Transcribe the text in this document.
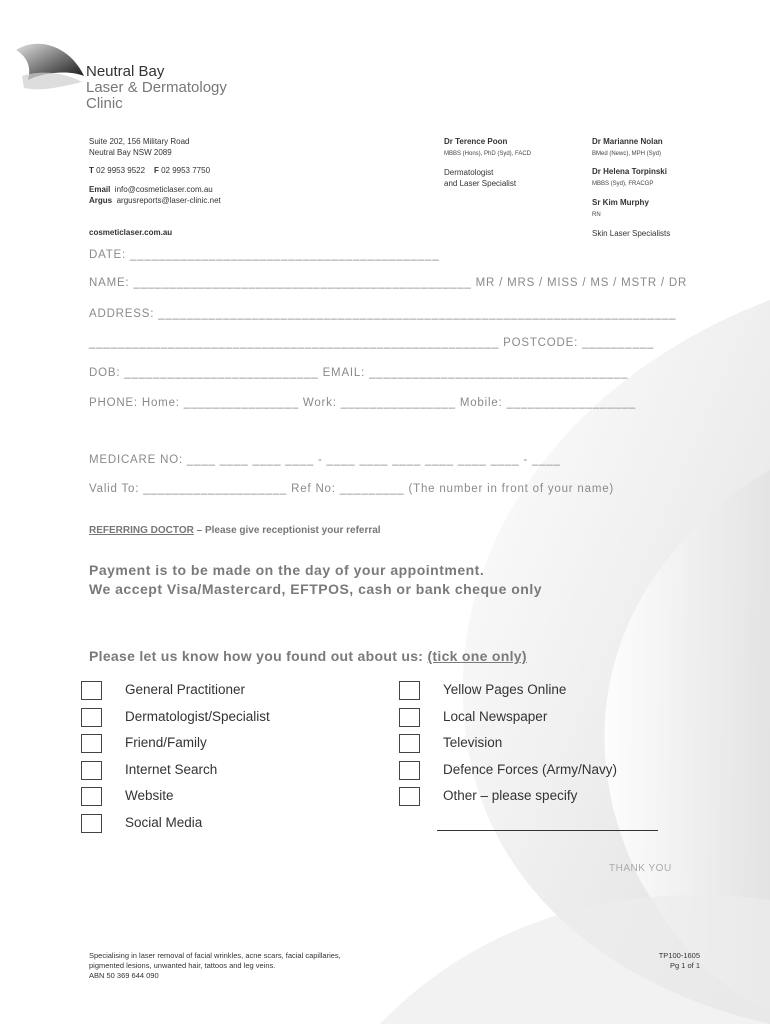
Neutral Bay
Laser & Dermatology
Clinic
Suite 202, 156 Military Road
Neutral Bay NSW 2089
T 02 9953 9522 F 02 9953 7750
Email info@cosmeticlaser.com.au
Argus argusreports@laser-clinic.net
cosmeticlaser.com.au
Dr Terence Poon
MBBS (Hons), PhD (Syd), FACD
Dermatologist
and Laser Specialist
Dr Marianne Nolan
BMed (Newc), MPH (Syd)
Dr Helena Torpinski
MBBS (Syd), FRACGP
Sr Kim Murphy
RN
Skin Laser Specialists
DATE: ___________________________________________
NAME: _______________________________________________ MR / MRS / MISS / MS / MSTR / DR
ADDRESS: ________________________________________________________________________
_________________________________________________________ POSTCODE: __________
DOB: ___________________________ EMAIL: ____________________________________
PHONE: Home: ________________ Work: ________________ Mobile: __________________
MEDICARE NO: ____ ____ ____ ____ - ____ ____ ____ ____ ____ ____ - ____
Valid To: ____________________ Ref No: _________ (The number in front of your name)
REFERRING DOCTOR – Please give receptionist your referral
Payment is to be made on the day of your appointment.
We accept Visa/Mastercard, EFTPOS, cash or bank cheque only
Please let us know how you found out about us: (tick one only)
General Practitioner
Dermatologist/Specialist
Friend/Family
Internet Search
Website
Social Media
Yellow Pages Online
Local Newspaper
Television
Defence Forces (Army/Navy)
Other – please specify
THANK YOU
Specialising in laser removal of facial wrinkles, acne scars, facial capillaries,
pigmented lesions, unwanted hair, tattoos and leg veins.
ABN 50 369 644 090
TP100-1605
Pg 1 of 1
